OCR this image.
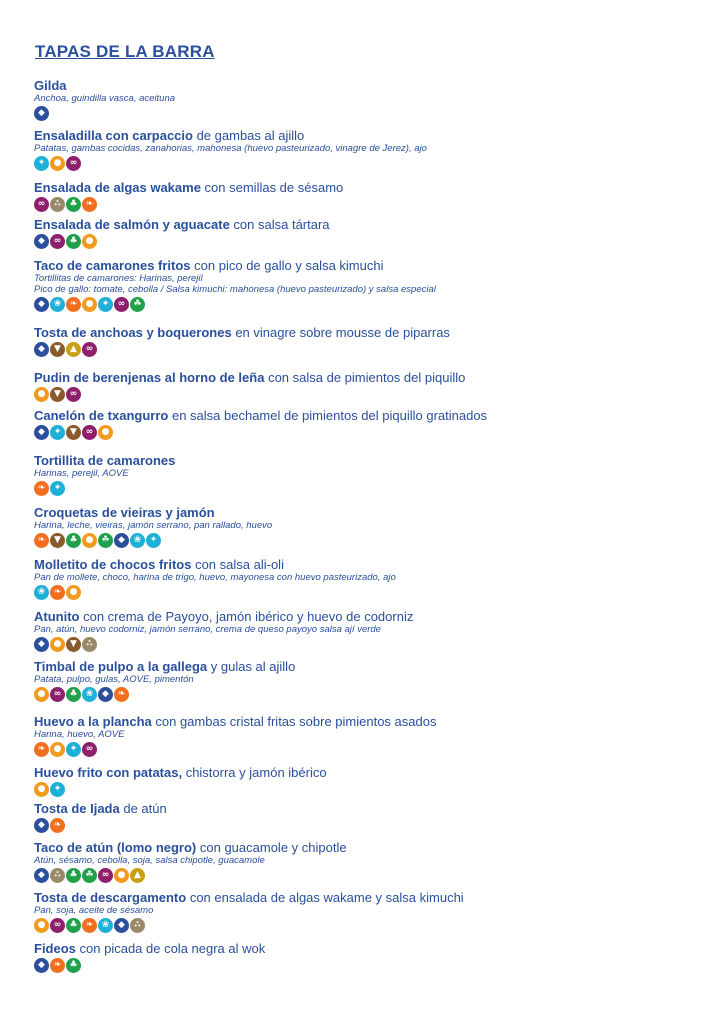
TAPAS DE LA BARRA
Gilda
Anchoa, guindilla vasca, aceituna
◆
Ensaladilla con carpaccio de gambas al ajillo
Patatas, gambas cocidas, zanahorias, mahonesa (huevo pasteurizado, vinagre de Jerez), ajo
✦ ● ∞
Ensalada de algas wakame con semillas de sésamo
∞	∴ ♣ ❧
Ensalada de salmón y aguacate con salsa tártara
◆ ∞ ♣ ●
Taco de camarones fritos con pico de gallo y salsa kimuchi
Tortillitas de camarones: Harinas, perejil
Pico de gallo: tomate, cebolla / Salsa kimuchi: mahonesa (huevo pasteurizado) y salsa especial
◆ ❀ ❧ ● ✦ ∞ ☘
Tosta de anchoas y boquerones en vinagre sobre mousse de piparras
◆	▼	▲ ∞
Pudin de berenjenas al horno de leña con salsa de pimientos del piquillo
● ▼ ∞
Canelón de txangurro en salsa bechamel de pimientos del piquillo gratinados
◆ ✦ ▼ ∞ ●
Tortillita de camarones
Harinas, perejil, AOVE
❧ ✦
Croquetas de vieiras y jamón
Harina, leche, vieiras, jamón serrano, pan rallado, huevo
❧ ▼ ♣ ● ☘ ◆ ❀ ✦
Molletito de chocos fritos con salsa ali-oli
Pan de mollete, choco, harina de trigo, huevo, mayonesa con huevo pasteurizado, ajo
❀ ❧ ●
Atunito con crema de Payoyo, jamón ibérico y huevo de codorniz
Pan, atún, huevo codorniz, jamón serrano, crema de queso payoyo salsa ají verde
◆ ● ▼	∴
Timbal de pulpo a la gallega y gulas al ajillo
Patata, pulpo, gulas, AOVE, pimentón
● ∞ ♣ ❀ ◆ ❧
Huevo a la plancha con gambas cristal fritas sobre pimientos asados
Harina, huevo, AOVE
❧ ● ✦ ∞
Huevo frito con patatas, chistorra y jamón ibérico
● ✦
Tosta de Ijada de atún
◆ ❧
Taco de atún (lomo negro) con guacamole y chipotle
Atún, sésamo, cebolla, soja, salsa chipotle, guacamole
◆	∴ ♣ ☘ ∞ ● ▲
Tosta de descargamento con ensalada de algas wakame y salsa kimuchi
Pan, soja, aceite de sésamo
● ∞ ♣ ❧ ❀ ◆	∴
Fideos con picada de cola negra al wok
◆ ❧ ♣
